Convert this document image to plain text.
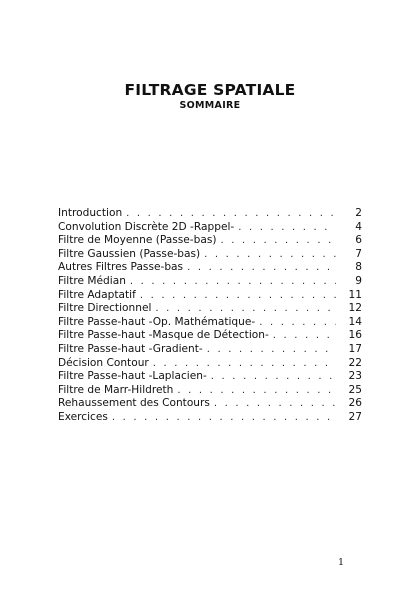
FILTRAGE SPATIALE
SOMMAIRE
Introduction . . .	2
Convolution Discrète 2D -Rappel- . . .	4
Filtre de Moyenne (Passe-bas) . . .	6
Filtre Gaussien (Passe-bas) . . .	7
Autres Filtres Passe-bas . . .	8
Filtre Médian . . .	9
Filtre Adaptatif . . .	11
Filtre Directionnel . . .	12
Filtre Passe-haut -Op. Mathématique- . . .	14
Filtre Passe-haut -Masque de Détection- . . .	16
Filtre Passe-haut -Gradient- . . .	17
Décision Contour . . .	22
Filtre Passe-haut -Laplacien- . . .	23
Filtre de Marr-Hildreth . . .	25
Rehaussement des Contours . . .	26
Exercices . . .	27
1
